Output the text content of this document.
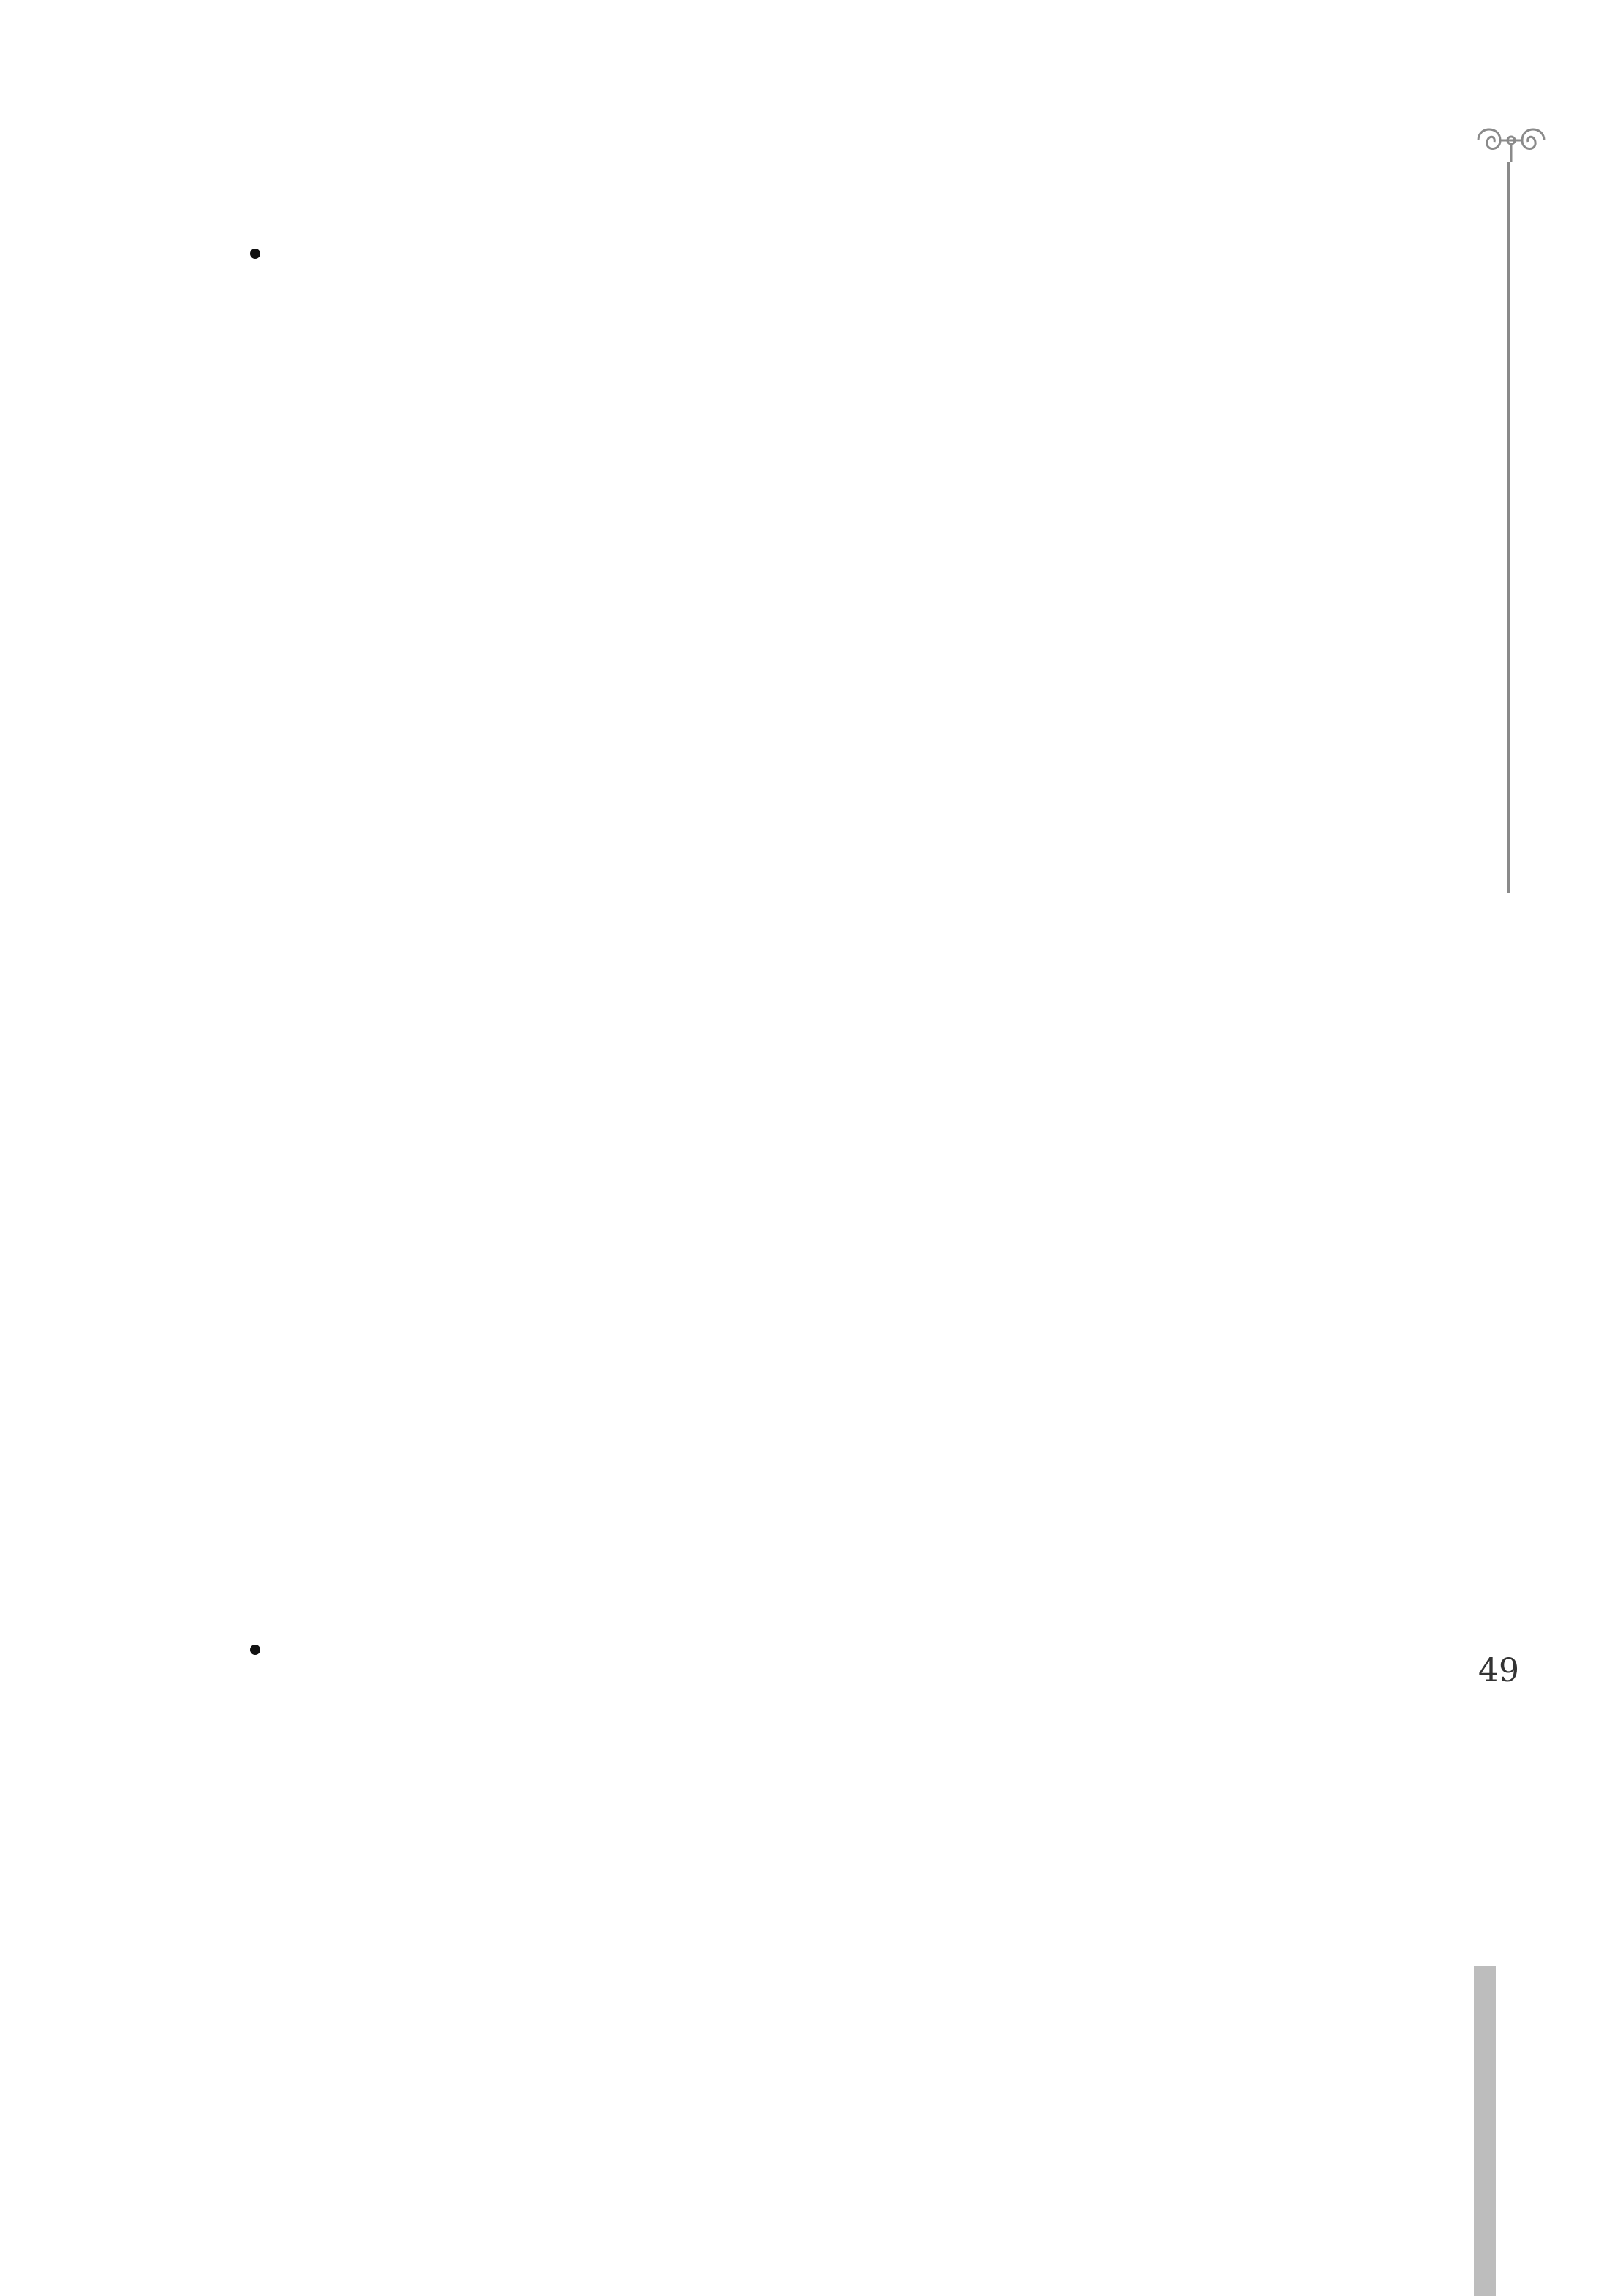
49
